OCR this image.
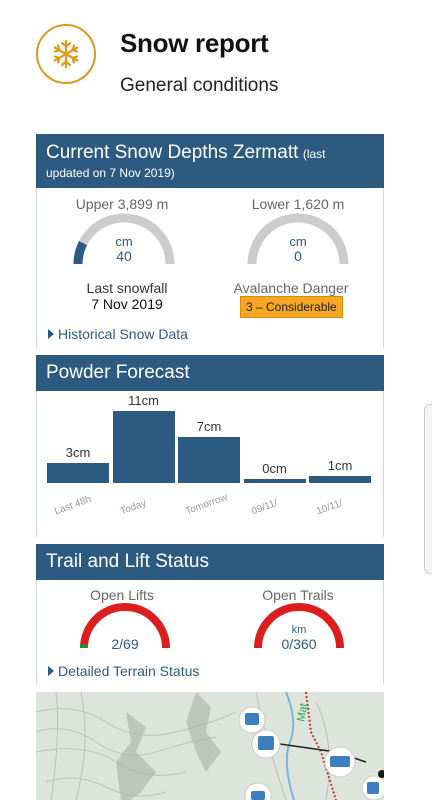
Snow report
General conditions
Current Snow Depths Zermatt (last
updated on 7 Nov 2019)
Upper 3,899 m
cm
40
Lower 1,620 m
cm
0
Last snowfall
7 Nov 2019
Avalanche Danger
3 – Considerable
Historical Snow Data
Powder Forecast
3cm
Last 48h
11cm
Today
7cm
Tomorrow
0cm
09/11/
1cm
10/11/
Trail and Lift Status
Open Lifts
2/69
Open Trails
km
0/360
Detailed Terrain Status
Mat
